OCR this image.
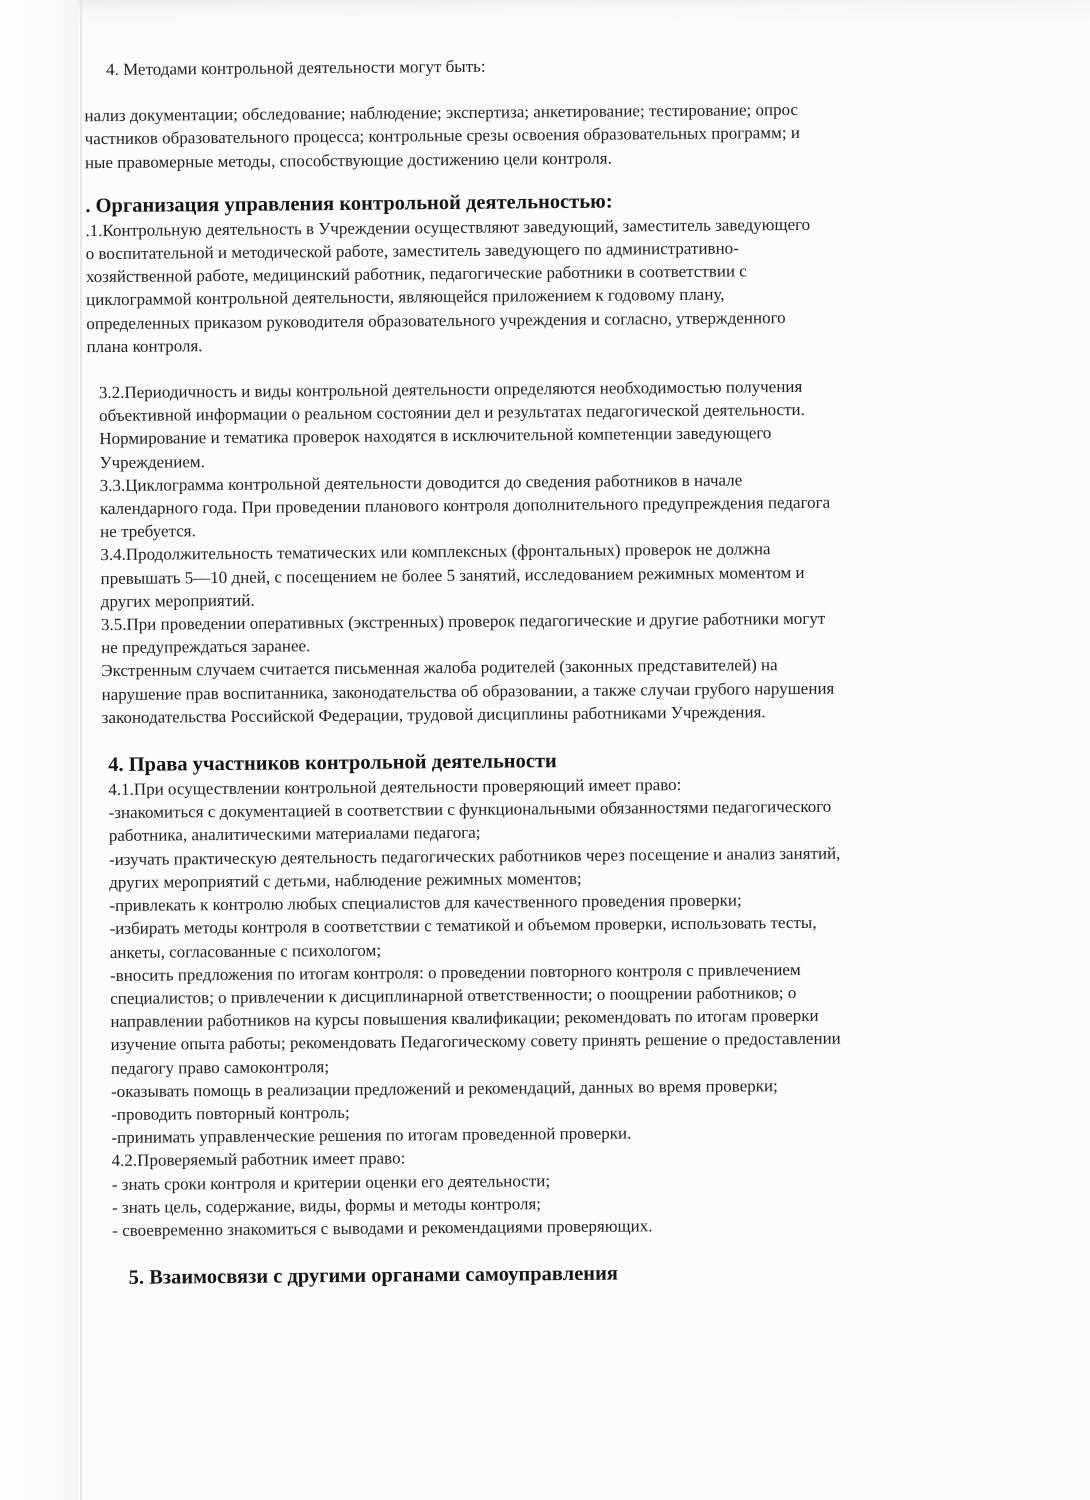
4. Методами контрольной деятельности могут быть:

нализ документации; обследование; наблюдение; экспертиза; анкетирование; тестирование; опрос
частников образовательного процесса; контрольные срезы освоения образовательных программ; и
ные правомерные методы, способствующие достижению цели контроля.

. Организация управления контрольной деятельностью:

.1.Контрольную деятельность в Учреждении осуществляют заведующий, заместитель заведующего
о воспитательной и методической работе, заместитель заведующего по административно-
хозяйственной работе, медицинский работник, педагогические работники в соответствии с
циклограммой контрольной деятельности, являющейся приложением к годовому плану,
определенных приказом руководителя образовательного учреждения и согласно, утвержденного
плана контроля.

3.2.Периодичность и виды контрольной деятельности определяются необходимостью получения
объективной информации о реальном состоянии дел и результатах педагогической деятельности.
Нормирование и тематика проверок находятся в исключительной компетенции заведующего
Учреждением.

3.3.Циклограмма контрольной деятельности доводится до сведения работников в начале
календарного года. При проведении планового контроля дополнительного предупреждения педагога
не требуется.

3.4.Продолжительность тематических или комплексных (фронтальных) проверок не должна
превышать 5—10 дней, с посещением не более 5 занятий, исследованием режимных моментом и
других мероприятий.

3.5.При проведении оперативных (экстренных) проверок педагогические и другие работники могут
не предупреждаться заранее.
Экстренным случаем считается письменная жалоба родителей (законных представителей) на
нарушение прав воспитанника, законодательства об образовании, а также случаи грубого нарушения
законодательства Российской Федерации, трудовой дисциплины работниками Учреждения.

4. Права участников контрольной деятельности

4.1.При осуществлении контрольной деятельности проверяющий имеет право:
-знакомиться с документацией в соответствии с функциональными обязанностями педагогического
работника, аналитическими материалами педагога;
-изучать практическую деятельность педагогических работников через посещение и анализ занятий,
других мероприятий с детьми, наблюдение режимных моментов;
-привлекать к контролю любых специалистов для качественного проведения проверки;
-избирать методы контроля в соответствии с тематикой и объемом проверки, использовать тесты,
анкеты, согласованные с психологом;
-вносить предложения по итогам контроля: о проведении повторного контроля с привлечением
специалистов; о привлечении к дисциплинарной ответственности; о поощрении работников; о
направлении работников на курсы повышения квалификации; рекомендовать по итогам проверки
изучение опыта работы; рекомендовать Педагогическому совету принять решение о предоставлении
педагогу право самоконтроля;
-оказывать помощь в реализации предложений и рекомендаций, данных во время проверки;
-проводить повторный контроль;
-принимать управленческие решения по итогам проведенной проверки.
4.2.Проверяемый работник имеет право:
- знать сроки контроля и критерии оценки его деятельности;
- знать цель, содержание, виды, формы и методы контроля;
- своевременно знакомиться с выводами и рекомендациями проверяющих.

5. Взаимосвязи с другими органами самоуправления
